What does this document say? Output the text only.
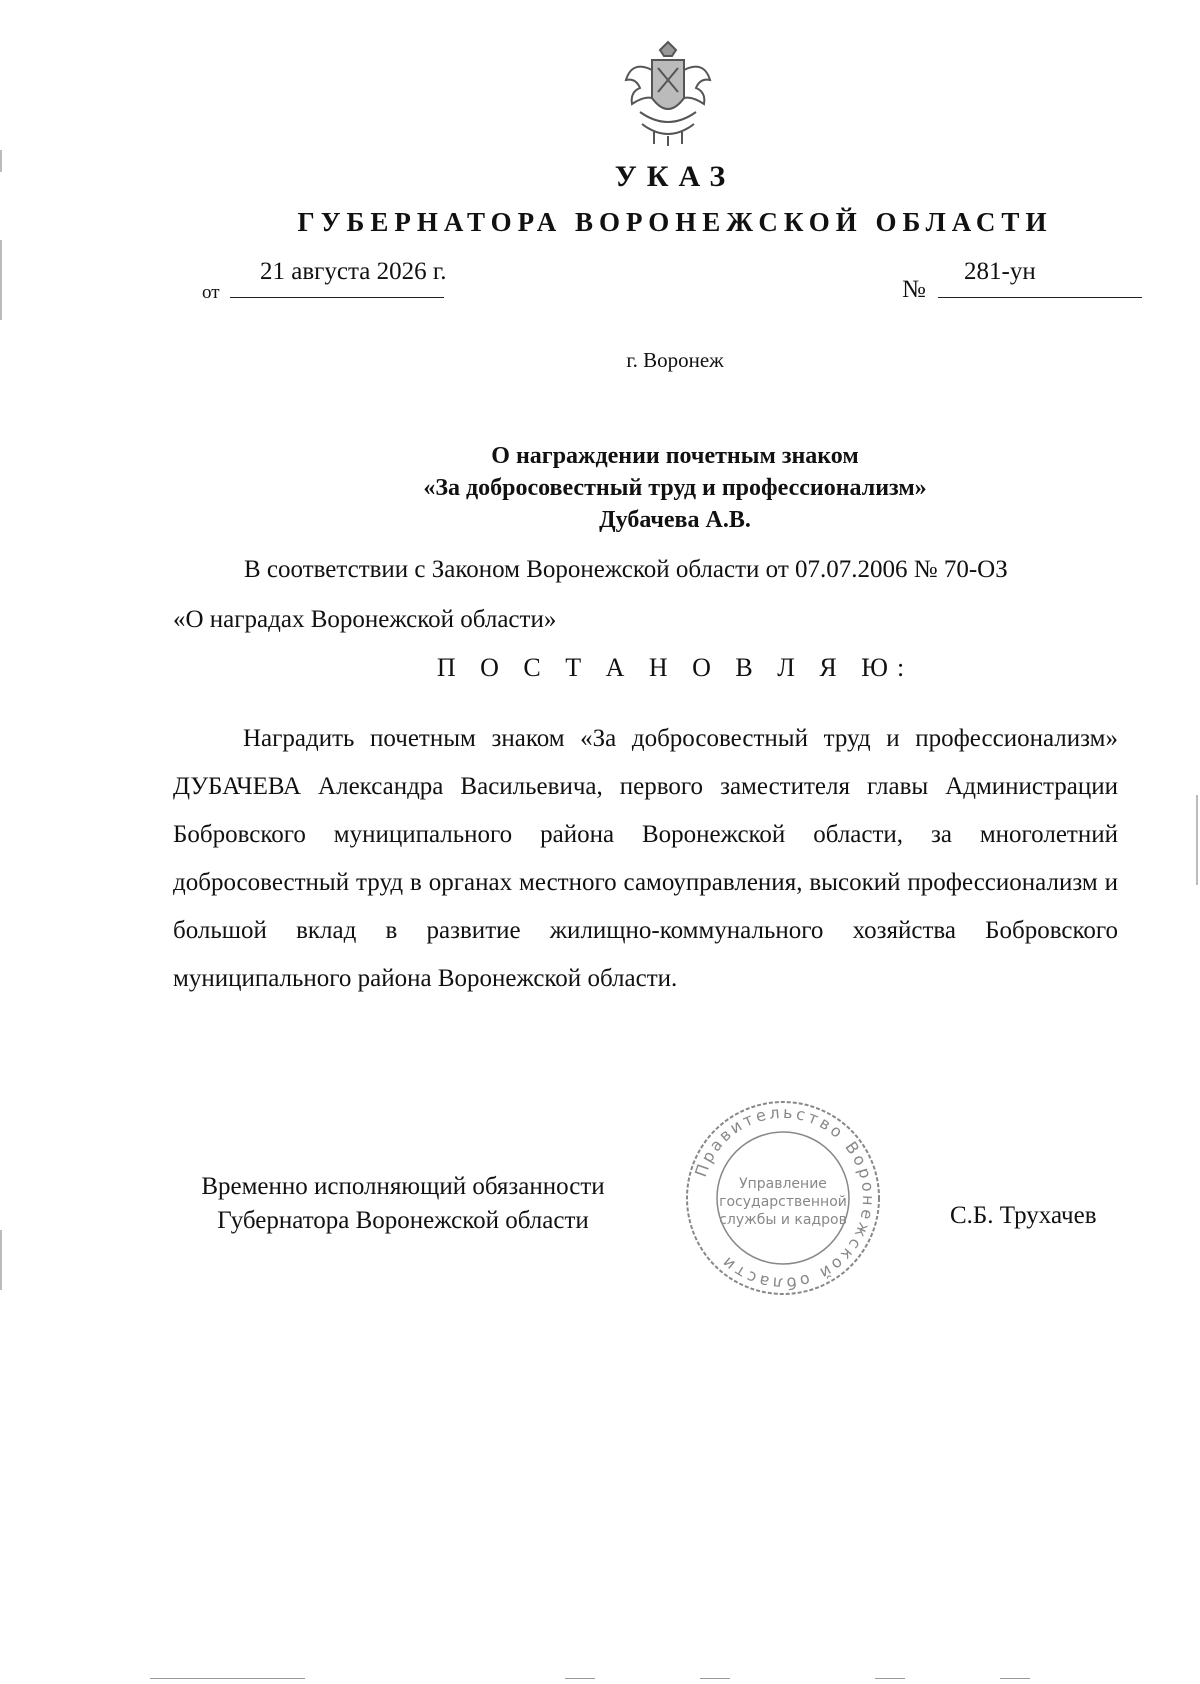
УКАЗ
ГУБЕРНАТОРА ВОРОНЕЖСКОЙ ОБЛАСТИ
от
21 августа 2026 г.
№
281-ун
г. Воронеж
О награждении почетным знаком
«За добросовестный труд и профессионализм»
Дубачева А.В.
В соответствии с Законом Воронежской области от 07.07.2006 № 70-ОЗ
«О наградах Воронежской области»
П О С Т А Н О В Л Я Ю:
Наградить почетным знаком «За добросовестный труд и профессионализм» ДУБАЧЕВА Александра Васильевича, первого заместителя главы Администрации Бобровского муниципального района Воронежской области, за многолетний добросовестный труд в органах местного самоуправления, высокий профессионализм и большой вклад в развитие жилищно-коммунального хозяйства Бобровского муниципального района Воронежской области.
Временно исполняющий обязанности
Губернатора Воронежской области
Правительство Воронежской области
Управление
государственной
службы и кадров	С.Б. Трухачев
